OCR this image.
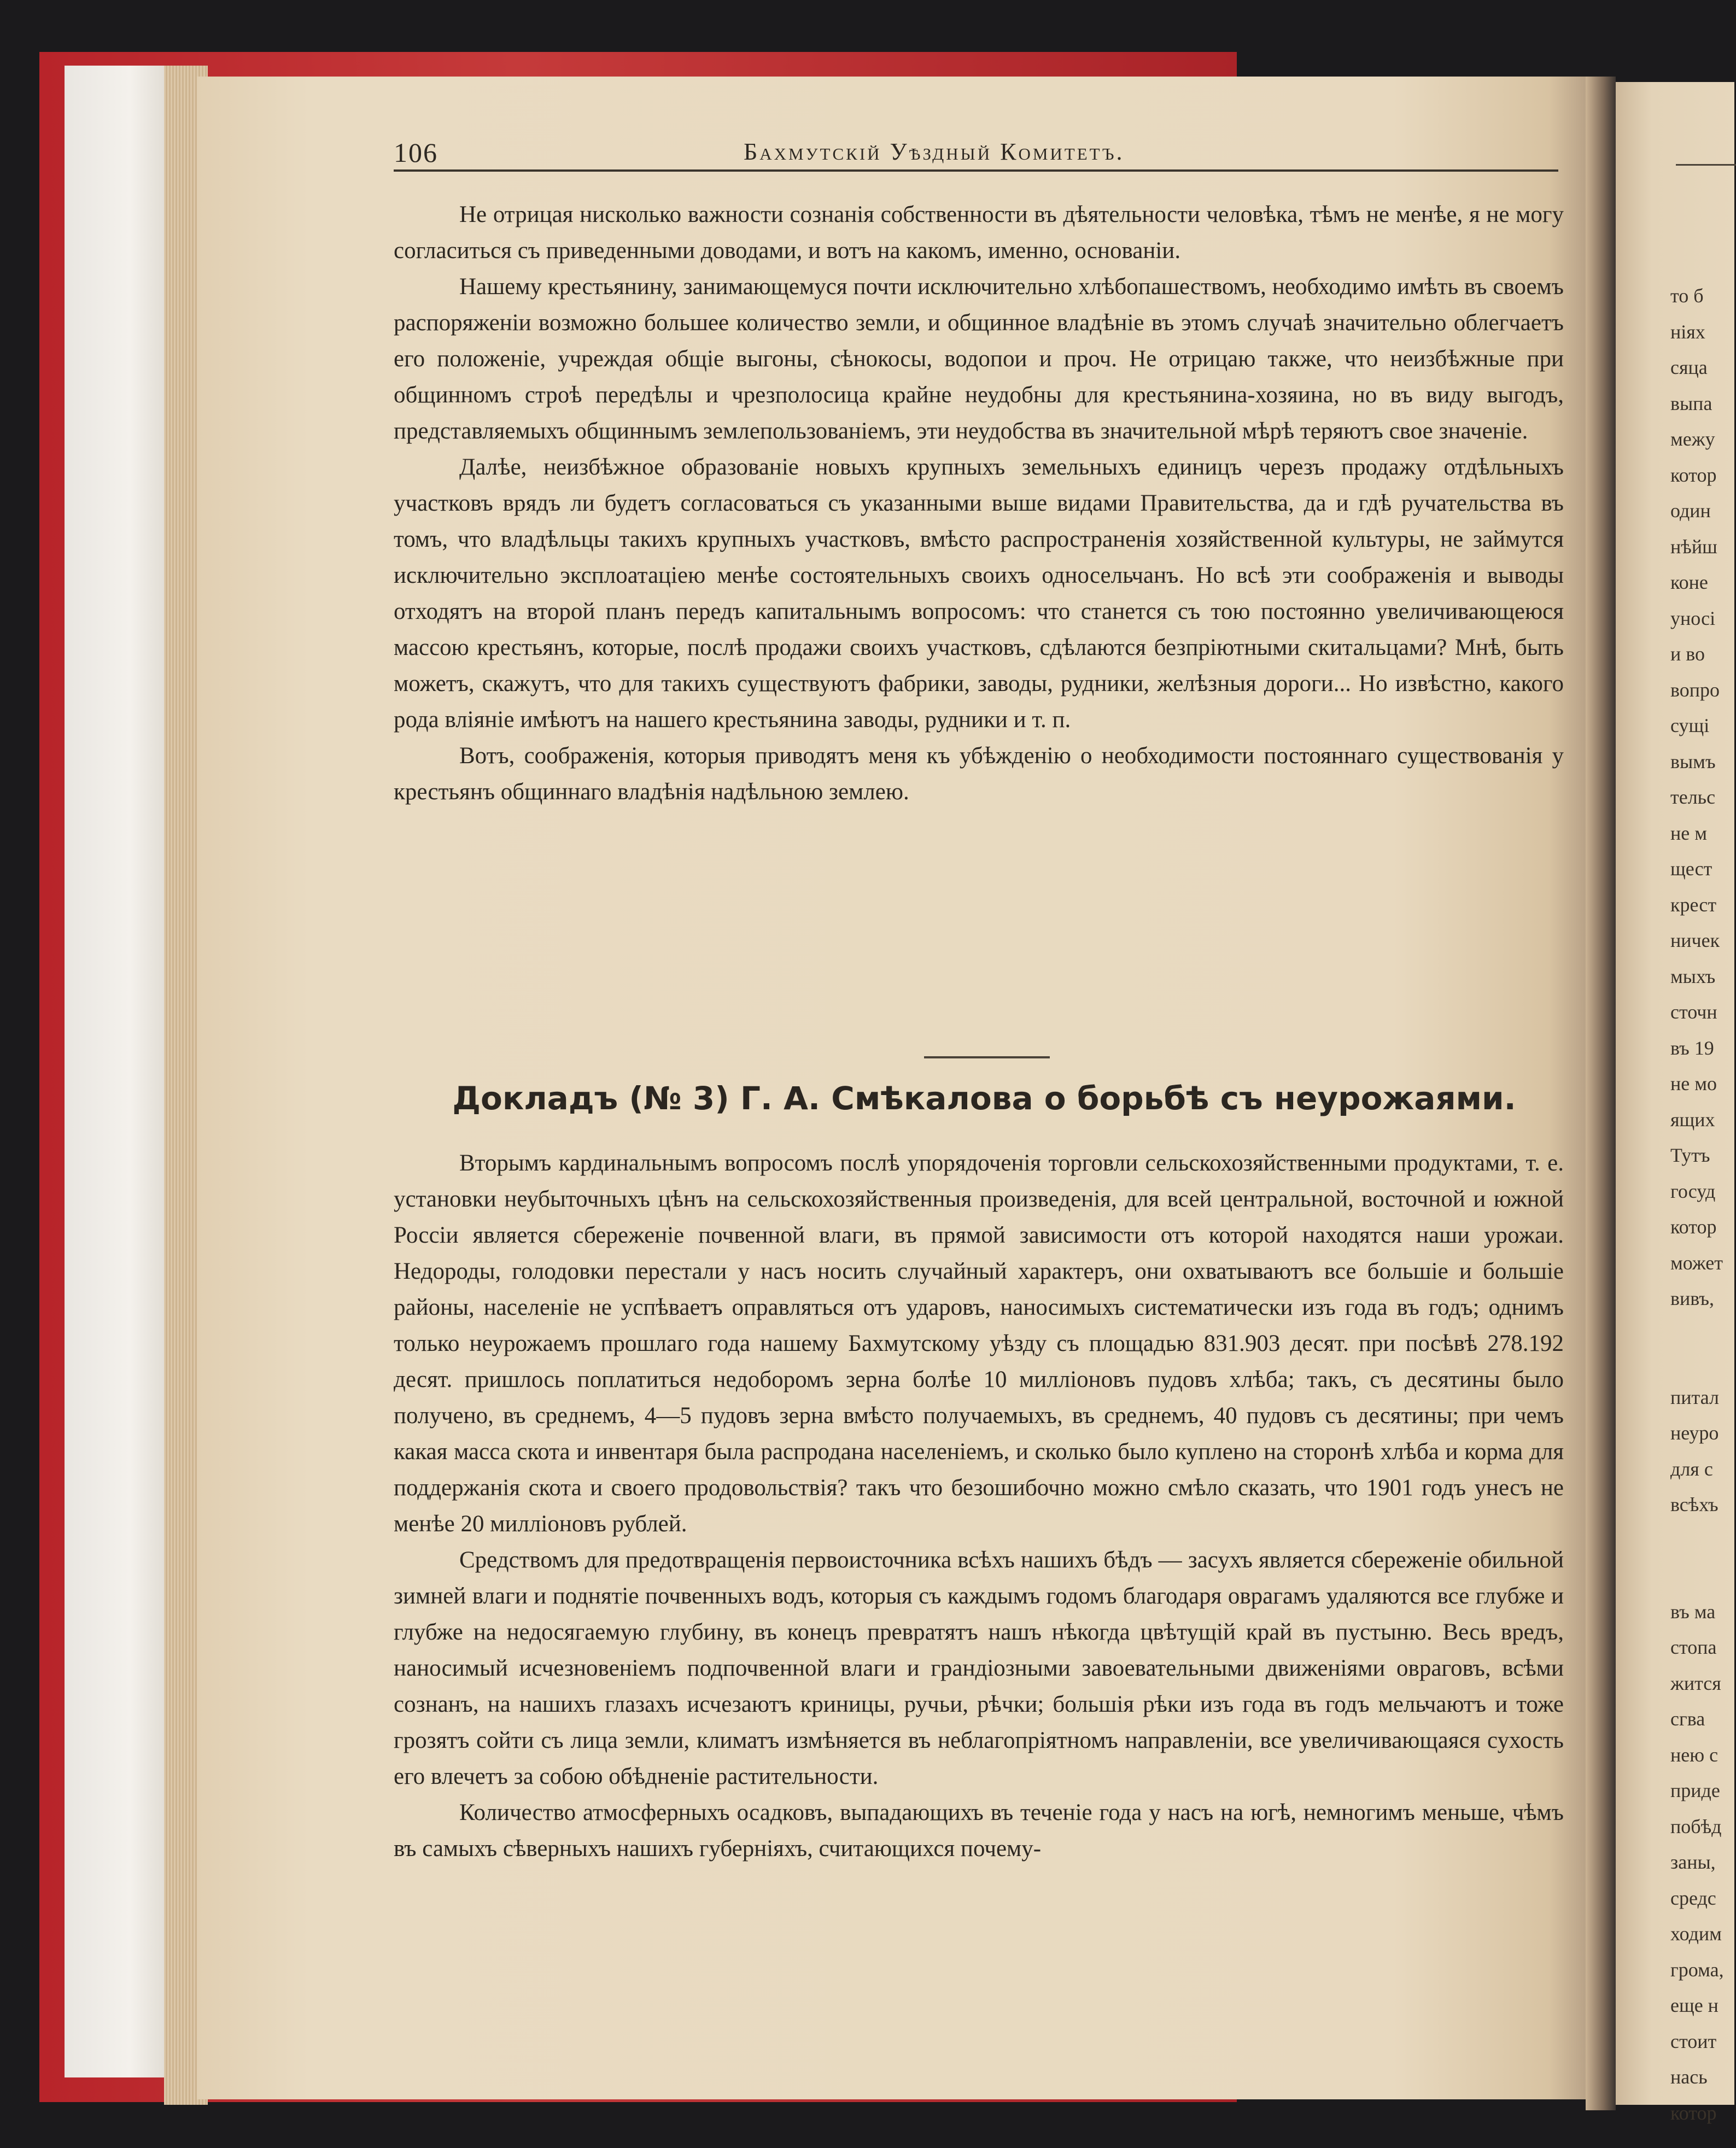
то б
ніях
сяца
выпа
межу
котор
один
нѣйш
коне
уносі
и во
вопро
сущі
вымъ
тельс
не м
щест
крест
ничек
мыхъ
сточн
въ 19
не мо
ящих
Тутъ
госуд
котор
может
вивъ,
питал
неуро
для с
всѣхъ
въ ма
стопа
жится
сгва
нею с
приде
побѣд
заны,
средс
ходим
грома,
еще н
стоит
нась
котор
106	Бахмутскій Уѣздный Комитетъ.

Не отрицая нисколько важности сознанія собственности въ дѣятельности человѣка, тѣмъ не менѣе, я не могу согласиться съ приведенными доводами, и вотъ на какомъ, именно, основаніи.

Нашему крестьянину, занимающемуся почти исключительно хлѣбопашествомъ, необходимо имѣть въ своемъ распоряженіи возможно большее количество земли, и общинное владѣніе въ этомъ случаѣ значительно облегчаетъ его положеніе, учреждая общіе выгоны, сѣнокосы, водопои и проч. Не отрицаю также, что неизбѣжные при общинномъ строѣ передѣлы и чрезполосица крайне неудобны для крестьянина-хозяина, но въ виду выгодъ, представляемыхъ общиннымъ землепользованіемъ, эти неудобства въ значительной мѣрѣ теряютъ свое значеніе.

Далѣе, неизбѣжное образованіе новыхъ крупныхъ земельныхъ единицъ черезъ продажу отдѣльныхъ участковъ врядъ ли будетъ согласоваться съ указанными выше видами Правительства, да и гдѣ ручательства въ томъ, что владѣльцы такихъ крупныхъ участковъ, вмѣсто распространенія хозяйственной культуры, не займутся исключительно эксплоатаціею менѣе состоятельныхъ своихъ односельчанъ. Но всѣ эти соображенія и выводы отходятъ на второй планъ передъ капитальнымъ вопросомъ: что станется съ тою постоянно увеличивающеюся массою крестьянъ, которые, послѣ продажи своихъ участковъ, сдѣлаются безпріютными скитальцами? Мнѣ, быть можетъ, скажутъ, что для такихъ существуютъ фабрики, заводы, рудники, желѣзныя дороги... Но извѣстно, какого рода вліяніе имѣютъ на нашего крестьянина заводы, рудники и т. п.

Вотъ, соображенія, которыя приводятъ меня къ убѣжденію о необходимости постояннаго существованія у крестьянъ общиннаго владѣнія надѣльною землею.

Докладъ (№ 3) Г. А. Смѣкалова о борьбѣ съ неурожаями.

Вторымъ кардинальнымъ вопросомъ послѣ упорядоченія торговли сельскохозяйственными продуктами, т. е. установки неубыточныхъ цѣнъ на сельскохозяйственныя произведенія, для всей центральной, восточной и южной Россіи является сбереженіе почвенной влаги, въ прямой зависимости отъ которой находятся наши урожаи. Недороды, голодовки перестали у насъ носить случайный характеръ, они охватываютъ все большіе и большіе районы, населеніе не успѣваетъ оправляться отъ ударовъ, наносимыхъ систематически изъ года въ годъ; однимъ только неурожаемъ прошлаго года нашему Бахмутскому уѣзду съ площадью 831.903 десят. при посѣвѣ 278.192 десят. пришлось поплатиться недоборомъ зерна болѣе 10 милліоновъ пудовъ хлѣба; такъ, съ десятины было получено, въ среднемъ, 4—5 пудовъ зерна вмѣсто получаемыхъ, въ среднемъ, 40 пудовъ съ десятины; при чемъ какая масса скота и инвентаря была распродана населеніемъ, и сколько было куплено на сторонѣ хлѣба и корма для поддержанія скота и своего продовольствія? такъ что безошибочно можно смѣло сказать, что 1901 годъ унесъ не менѣе 20 милліоновъ рублей.

Средствомъ для предотвращенія первоисточника всѣхъ нашихъ бѣдъ — засухъ является сбереженіе обильной зимней влаги и поднятіе почвенныхъ водъ, которыя съ каждымъ годомъ благодаря оврагамъ удаляются все глубже и глубже на недосягаемую глубину, въ конецъ превратятъ нашъ нѣкогда цвѣтущій край въ пустыню. Весь вредъ, наносимый исчезновеніемъ подпочвенной влаги и грандіозными завоевательными движеніями овраговъ, всѣми сознанъ, на нашихъ глазахъ исчезаютъ криницы, ручьи, рѣчки; большія рѣки изъ года въ годъ мельчаютъ и тоже грозятъ сойти съ лица земли, климатъ измѣняется въ неблагопріятномъ направленіи, все увеличивающаяся сухость его влечетъ за собою обѣдненіе растительности.

Количество атмосферныхъ осадковъ, выпадающихъ въ теченіе года у насъ на югѣ, немногимъ меньше, чѣмъ въ самыхъ сѣверныхъ нашихъ губерніяхъ, считающихся почему-
